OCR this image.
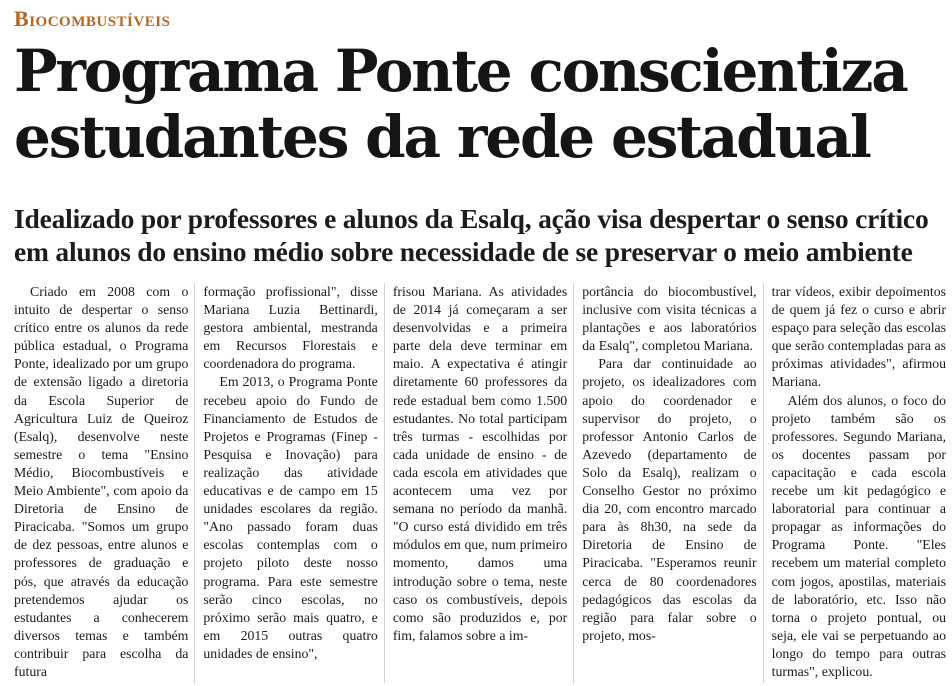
Biocombustíveis
Programa Ponte conscientiza
estudantes da rede estadual
Idealizado por professores e alunos da Esalq, ação visa despertar o senso crítico
em alunos do ensino médio sobre necessidade de se preservar o meio ambiente

Criado em 2008 com o intuito de despertar o senso crítico entre os alunos da rede pública estadual, o Programa Ponte, idealizado por um grupo de extensão ligado a diretoria da Escola Superior de Agricultura Luiz de Queiroz (Esalq), desenvolve neste semestre o tema "Ensino Médio, Biocombustíveis e Meio Ambiente", com apoio da Diretoria de Ensino de Piracicaba. "Somos um grupo de dez pessoas, entre alunos e professores de graduação e pós, que através da educação pretendemos ajudar os estudantes a conhecerem diversos temas e também contribuir para escolha da futura

formação profissional", disse Mariana Luzia Bettinardi, gestora ambiental, mestranda em Recursos Florestais e coordenadora do programa.

Em 2013, o Programa Ponte recebeu apoio do Fundo de Financiamento de Estudos de Projetos e Programas (Finep - Pesquisa e Inovação) para realização das atividade educativas e de campo em 15 unidades escolares da região. "Ano passado foram duas escolas contemplas com o projeto piloto deste nosso programa. Para este semestre serão cinco escolas, no próximo serão mais quatro, e em 2015 outras quatro unidades de ensino",

frisou Mariana. As atividades de 2014 já começaram a ser desenvolvidas e a primeira parte dela deve terminar em maio. A expectativa é atingir diretamente 60 professores da rede estadual bem como 1.500 estudantes. No total participam três turmas - escolhidas por cada unidade de ensino - de cada escola em atividades que acontecem uma vez por semana no período da manhã. "O curso está dividido em três módulos em que, num primeiro momento, damos uma introdução sobre o tema, neste caso os combustíveis, depois como são produzidos e, por fim, falamos sobre a im-

portância do biocombustível, inclusive com visita técnicas a plantações e aos laboratórios da Esalq", completou Mariana.

Para dar continuidade ao projeto, os idealizadores com apoio do coordenador e supervisor do projeto, o professor Antonio Carlos de Azevedo (departamento de Solo da Esalq), realizam o Conselho Gestor no próximo dia 20, com encontro marcado para às 8h30, na sede da Diretoria de Ensino de Piracicaba. "Esperamos reunir cerca de 80 coordenadores pedagógicos das escolas da região para falar sobre o projeto, mos-

trar vídeos, exibir depoimentos de quem já fez o curso e abrir espaço para seleção das escolas que serão contempladas para as próximas atividades", afirmou Mariana.

Além dos alunos, o foco do projeto também são os professores. Segundo Mariana, os docentes passam por capacitação e cada escola recebe um kit pedagógico e laboratorial para continuar a propagar as informações do Programa Ponte. "Eles recebem um material completo com jogos, apostilas, materiais de laboratório, etc. Isso não torna o projeto pontual, ou seja, ele vai se perpetuando ao longo do tempo para outras turmas", explicou.
